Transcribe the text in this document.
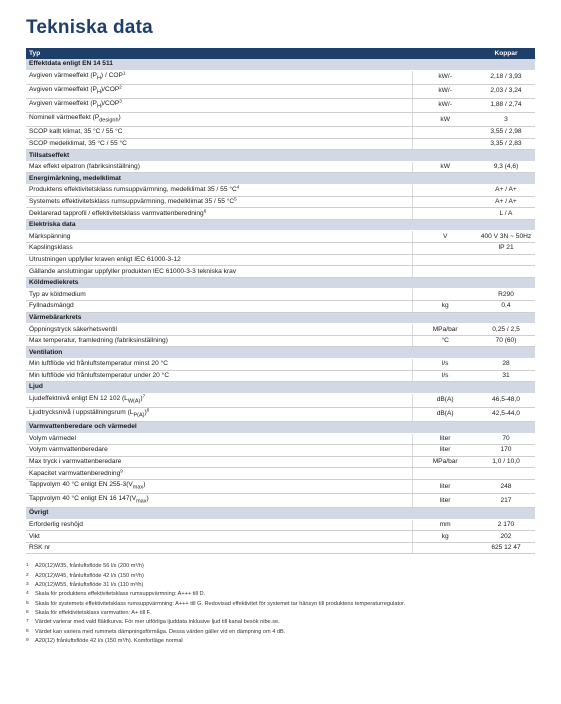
Tekniska data
Typ		Koppar
Effektdata enligt EN 14 511		
Avgiven värmeeffekt $(P_H) / COP^1$	kW/-	2,18 / 3,93
Avgiven värmeeffekt $(P_H)/COP^2$	kW/-	2,03 / 3,24
Avgiven värmeeffekt $(P_H)/COP^3$	kW/-	1,88 / 2,74
Nominell värmeeffekt $(P_{designh})$	kW	3
SCOP kallt klimat, 35 °C / 55 °C		3,55 / 2,98
SCOP medelklimat, 35 °C / 55 °C		3,35 / 2,83
Tillsatseffekt		
Max effekt elpatron (fabriksinställning)	kW	9,3 (4,6)
Energimärkning, medelklimat		
Produktens effektivitetsklass rumsuppvärmning, medelklimat 35 / 55 $^\circ C^4$		A+ / A+
Systemets effektivitetsklass rumsuppvärmning, medelklimat 35 / 55 $^\circ C^5$		A+ / A+
Deklarerad tapprofil / effektivitetsklass varmvattenberedning$^6$		L / A
Elektriska data		
Märkspänning	V	400 V 3N ~ 50Hz
Kapslingsklass		IP 21
Utrustningen uppfyller kraven enligt IEC 61000-3-12		
Gällande anslutningar uppfyller produkten IEC 61000-3-3 tekniska krav		
Köldmediekrets		
Typ av köldmedium		R290
Fyllnadsmängd	kg	0,4
Värmebärarkrets		
Öppningstryck säkerhetsventil	MPa/bar	0,25 / 2,5
Max temperatur, framledning (fabriksinställning)	°C	70 (60)
Ventilation		
Min luftflöde vid frånluftstemperatur minst 20 °C	l/s	28
Min luftflöde vid frånluftstemperatur under 20 °C	l/s	31
Ljud		
Ljudeffektnivå enligt EN 12 102 $(L_{W(A)})^7$	dB(A)	46,5-48,0
Ljudtrycksnivå i uppställningsrum $(L_{P(A)})^8$	dB(A)	42,5-44,0
Varmvattenberedare och värmedel		
Volym värmedel	liter	70
Volym varmvattenberedare	liter	170
Max tryck i varmvattenberedare	MPa/bar	1,0 / 10,0
Kapacitet varmvattenberedning$^9$		
Tappvolym 40 °C enligt EN $255-3(V_{max})$	liter	248
Tappvolym 40 °C enligt EN 16 $147(V_{max})$	liter	217
Övrigt		
Erforderlig reshöjd	mm	2 170
Vikt	kg	202
RSK nr		625 12 47
1	A20(12)W35, frånluftsflöde 56 l/s (200 m³/h)
2	A20(12)W45, frånluftsflöde 42 l/s (150 m³/h)
3	A20(12)W55, frånluftsflöde 31 l/s (110 m³/h)
4	Skala för produktens effektivitetsklass rumsuppvärmning: A+++ till D.
5	Skala för systemets effektivitetsklass rumsuppvärmning: A+++ till G. Redovisad effektivitet för systemet tar hänsyn till produktens temperaturregulator.
6	Skala för effektivitetsklass varmvatten: A+ till F.
7	Värdet varierar med vald fläktkurva. För mer utförliga ljuddata inklusive ljud till kanal besök nibe.se.
8	Värdet kan variera med rummets dämpningsförmåga. Dessa värden gäller vid en dämpning om 4 dB.
9	A20(12) frånluftsflöde 42 l/s (150 m³/h). Komfortläge normal
